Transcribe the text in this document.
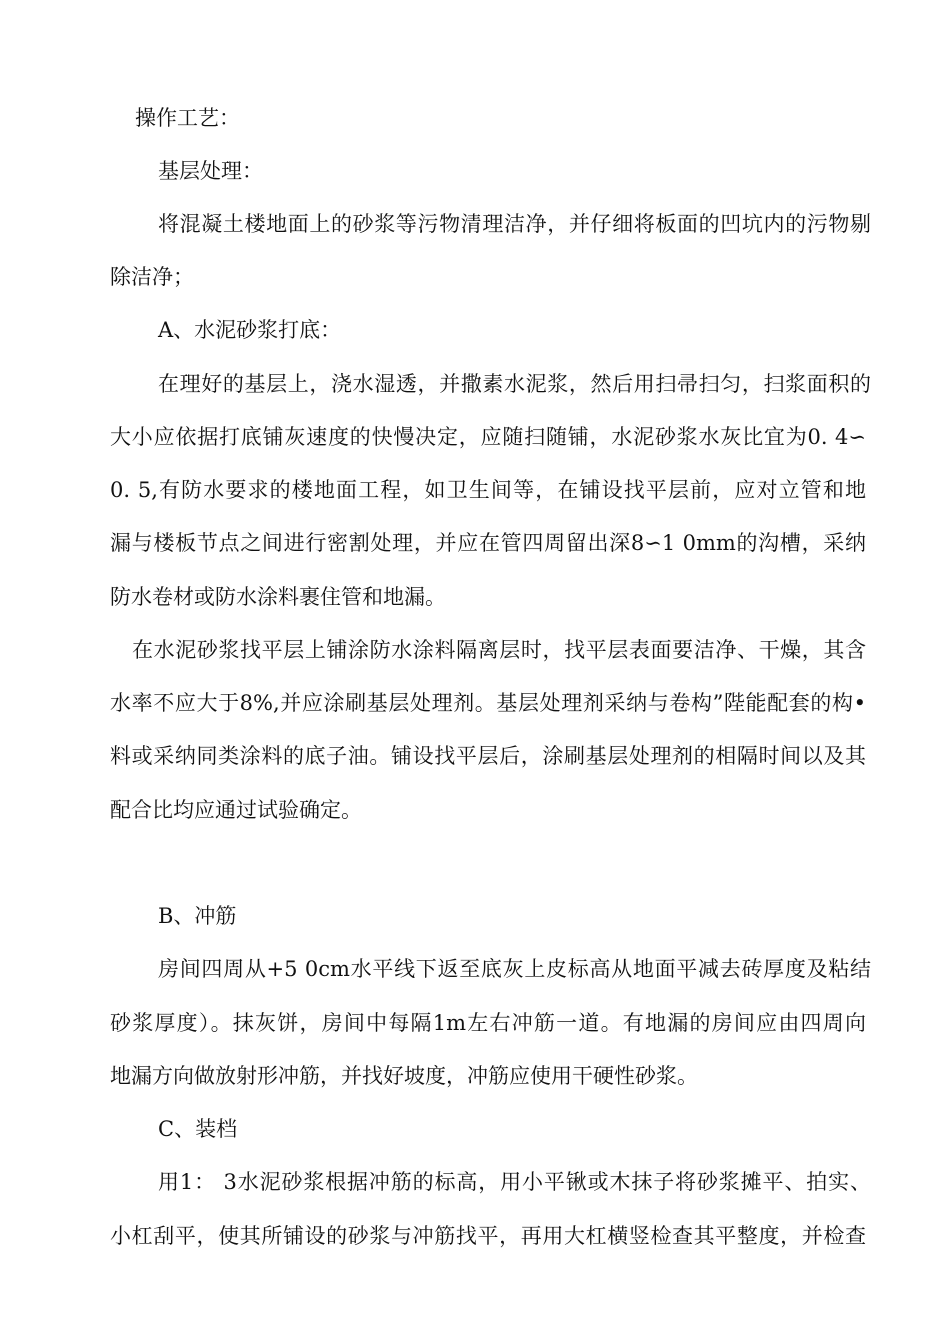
操作工艺：
基层处理：
将混凝土楼地面上的砂浆等污物清理洁净，并仔细将板面的凹坑内的污物剔
除洁净；
A、水泥砂浆打底：
在理好的基层上，浇水湿透，并撒素水泥浆，然后用扫帚扫匀，扫浆面积的
大小应依据打底铺灰速度的快慢决定，应随扫随铺，水泥砂浆水灰比宜为0. 4∽
0. 5,有防水要求的楼地面工程，如卫生间等，在铺设找平层前，应对立管和地
漏与楼板节点之间进行密割处理，并应在管四周留出深8∽1 0mm的沟槽，采纳
防水卷材或防水涂料裹住管和地漏。
在水泥砂浆找平层上铺涂防水涂料隔离层时，找平层表面要洁净、干燥，其含
水率不应大于8%,并应涂刷基层处理剂。基层处理剂采纳与卷构”陛能配套的构•
料或采纳同类涂料的底子油。铺设找平层后，涂刷基层处理剂的相隔时间以及其
配合比均应通过试验确定。
B、冲筋
房间四周从+5 0cm水平线下返至底灰上皮标高从地面平减去砖厚度及粘结
砂浆厚度）。抹灰饼，房间中每隔1m左右冲筋一道。有地漏的房间应由四周向
地漏方向做放射形冲筋，并找好坡度，冲筋应使用干硬性砂浆。
C、装档
用1： 3水泥砂浆根据冲筋的标高，用小平锹或木抹子将砂浆摊平、拍实、
小杠刮平，使其所铺设的砂浆与冲筋找平，再用大杠横竖检查其平整度，并检查
